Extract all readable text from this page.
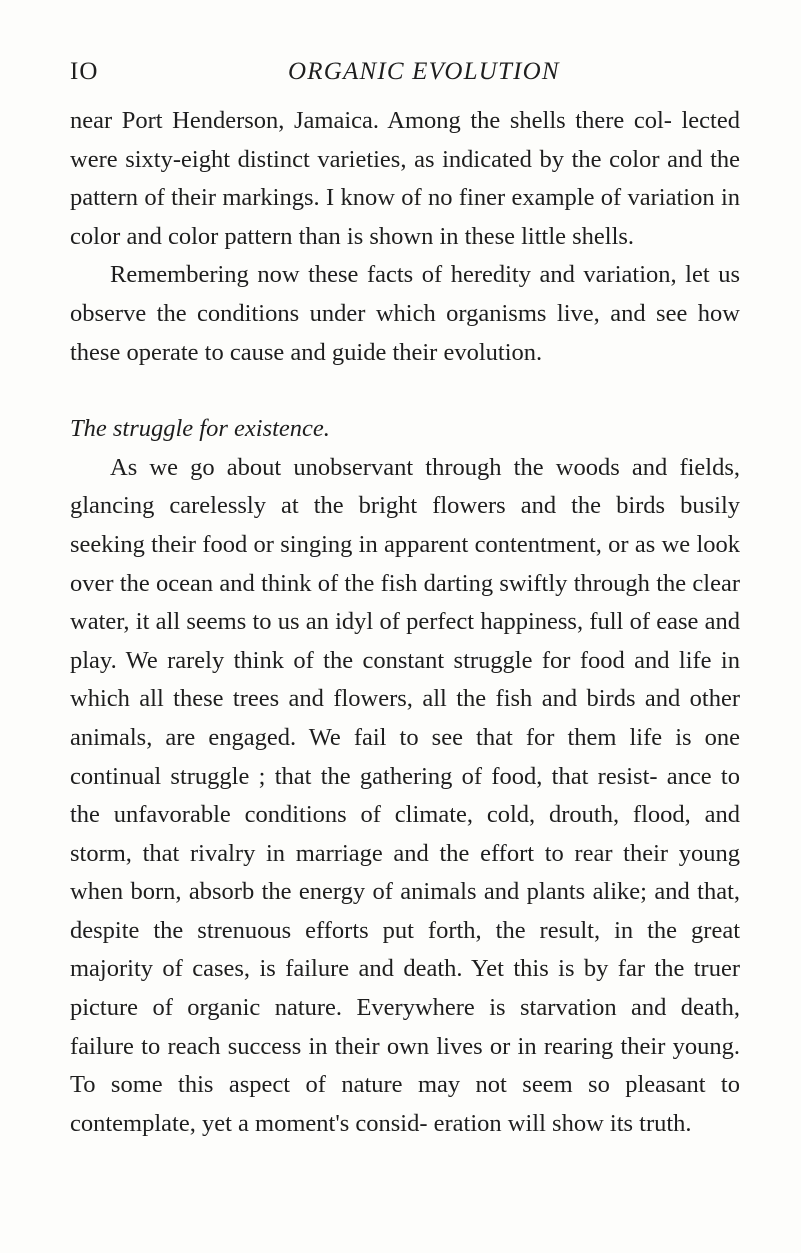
IO	ORGANIC EVOLUTION

near Port Henderson, Jamaica. Among the shells there col- lected were sixty-eight distinct varieties, as indicated by the color and the pattern of their markings. I know of no finer example of variation in color and color pattern than is shown in these little shells.

Remembering now these facts of heredity and variation, let us observe the conditions under which organisms live, and see how these operate to cause and guide their evolution.

The struggle for existence.

As we go about unobservant through the woods and fields, glancing carelessly at the bright flowers and the birds busily seeking their food or singing in apparent contentment, or as we look over the ocean and think of the fish darting swiftly through the clear water, it all seems to us an idyl of perfect happiness, full of ease and play. We rarely think of the constant struggle for food and life in which all these trees and flowers, all the fish and birds and other animals, are engaged. We fail to see that for them life is one continual struggle ; that the gathering of food, that resist- ance to the unfavorable conditions of climate, cold, drouth, flood, and storm, that rivalry in marriage and the effort to rear their young when born, absorb the energy of animals and plants alike; and that, despite the strenuous efforts put forth, the result, in the great majority of cases, is failure and death. Yet this is by far the truer picture of organic nature. Everywhere is starvation and death, failure to reach success in their own lives or in rearing their young. To some this aspect of nature may not seem so pleasant to contemplate, yet a moment's consid- eration will show its truth.
